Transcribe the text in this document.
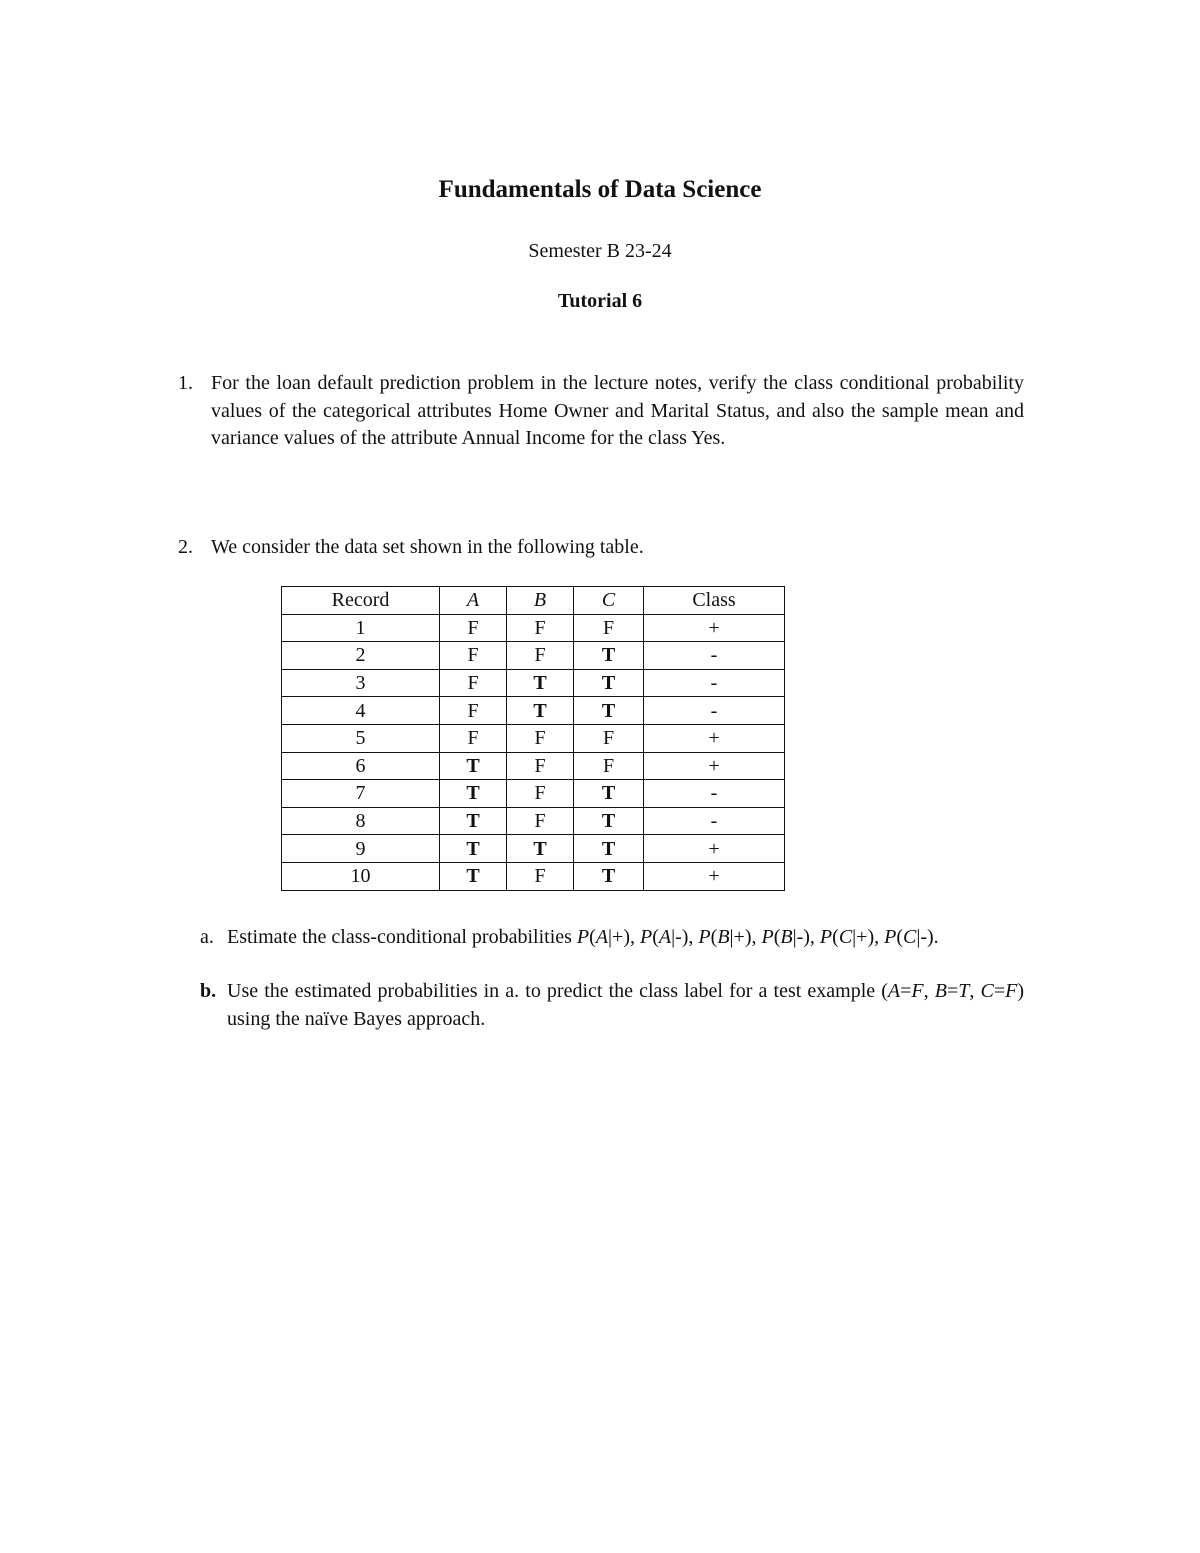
Fundamentals of Data Science

Semester B 23-24

Tutorial 6

1. For the loan default prediction problem in the lecture notes, verify the class conditional probability values of the categorical attributes Home Owner and Marital Status, and also the sample mean and variance values of the attribute Annual Income for the class Yes.
2. We consider the data set shown in the following table.
Record	A	B	C	Class
1	F	F	F	+
2	F	F	T	-
3	F	T	T	-
4	F	T	T	-
5	F	F	F	+
6	T	F	F	+
7	T	F	T	-
8	T	F	T	-
9	T	T	T	+
10	T	F	T	+
a. Estimate the class-conditional probabilities P(A|+), P(A|-), P(B|+), P(B|-), P(C|+), P(C|-).
b. Use the estimated probabilities in a. to predict the class label for a test example (A=F, B=T, C=F) using the naïve Bayes approach.
